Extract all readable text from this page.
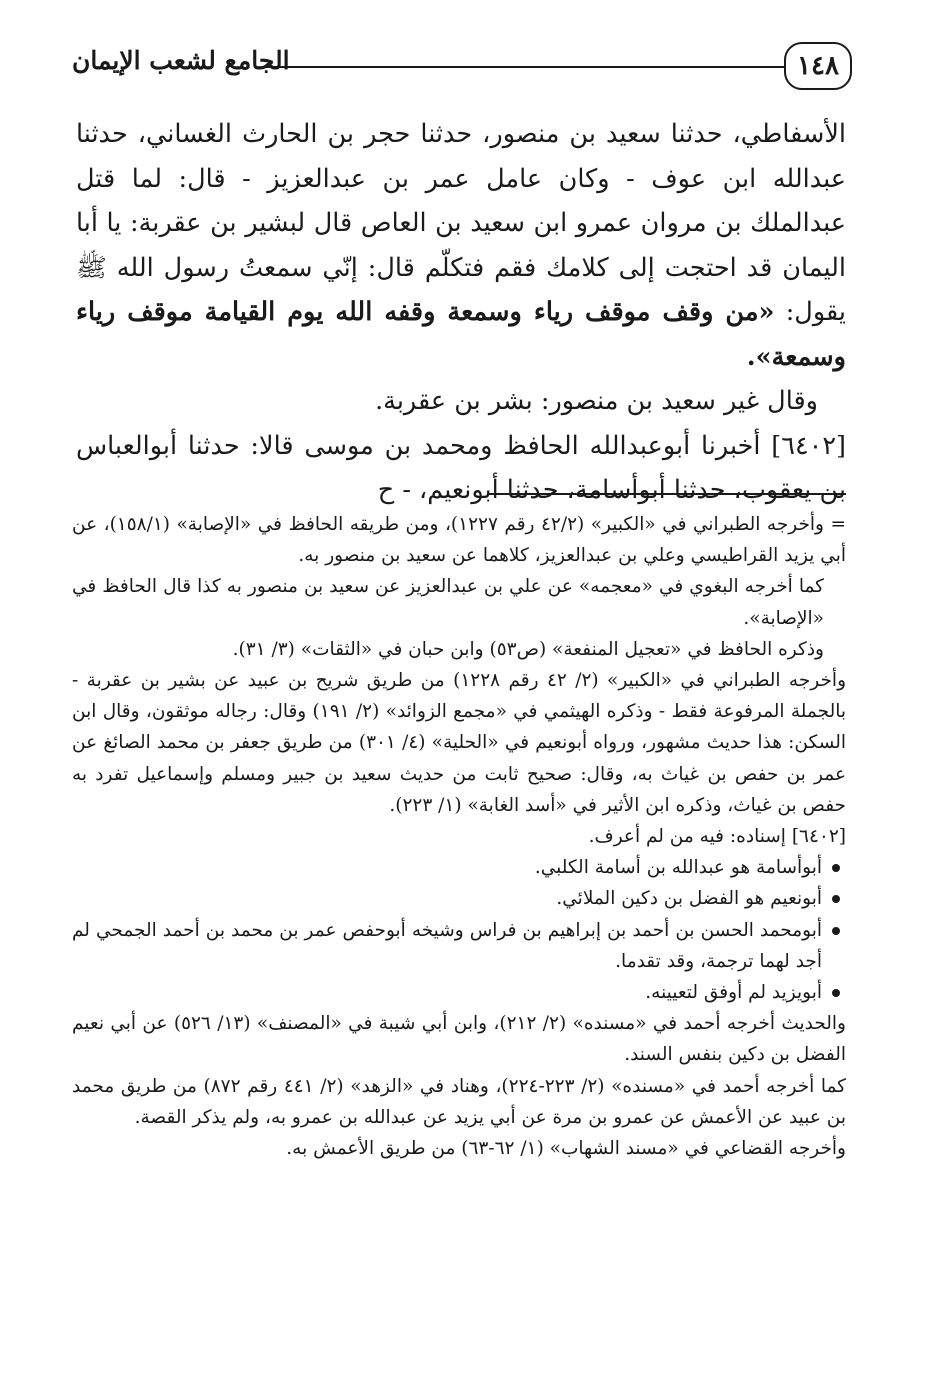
١٤٨
الجامع لشعب الإيمان

الأسفاطي، حدثنا سعيد بن منصور، حدثنا حجر بن الحارث الغساني، حدثنا عبدالله ابن عوف - وكان عامل عمر بن عبدالعزيز - قال: لما قتل عبدالملك بن مروان عمرو ابن سعيد بن العاص قال لبشير بن عقربة: يا أبا اليمان قد احتجت إلى كلامك فقم فتكلّم قال: إنّي سمعتُ رسول الله ﷺ يقول: «من وقف موقف رياء وسمعة وقفه الله يوم القيامة موقف رياء وسمعة».

وقال غير سعيد بن منصور: بشر بن عقربة.

[٦٤٠٢] أخبرنا أبوعبدالله الحافظ ومحمد بن موسى قالا: حدثنا أبوالعباس بن يعقوب، حدثنا أبوأسامة، حدثنا أبونعيم، - ح

= وأخرجه الطبراني في «الكبير» (٤٢/٢ رقم ١٢٢٧)، ومن طريقه الحافظ في «الإصابة» (١٥٨/١)، عن أبي يزيد القراطيسي وعلي بن عبدالعزيز، كلاهما عن سعيد بن منصور به.

كما أخرجه البغوي في «معجمه» عن علي بن عبدالعزيز عن سعيد بن منصور به كذا قال الحافظ في «الإصابة».

وذكره الحافظ في «تعجيل المنفعة» (ص٥٣) وابن حبان في «الثقات» (٣/ ٣١).

وأخرجه الطبراني في «الكبير» (٢/ ٤٢ رقم ١٢٢٨) من طريق شريح بن عبيد عن بشير بن عقربة - بالجملة المرفوعة فقط - وذكره الهيثمي في «مجمع الزوائد» (٢/ ١٩١) وقال: رجاله موثقون، وقال ابن السكن: هذا حديث مشهور، ورواه أبونعيم في «الحلية» (٤/ ٣٠١) من طريق جعفر بن محمد الصائغ عن عمر بن حفص بن غياث به، وقال: صحيح ثابت من حديث سعيد بن جبير ومسلم وإسماعيل تفرد به حفص بن غياث، وذكره ابن الأثير في «أسد الغابة» (١/ ٢٢٣).

[٦٤٠٢] إسناده: فيه من لم أعرف.

أبوأسامة هو عبدالله بن أسامة الكلبي.
أبونعيم هو الفضل بن دكين الملائي.
أبومحمد الحسن بن أحمد بن إبراهيم بن فراس وشيخه أبوحفص عمر بن محمد بن أحمد الجمحي لم أجد لهما ترجمة، وقد تقدما.
أبويزيد لم أوفق لتعيينه.

والحديث أخرجه أحمد في «مسنده» (٢/ ٢١٢)، وابن أبي شيبة في «المصنف» (١٣/ ٥٢٦) عن أبي نعيم الفضل بن دكين بنفس السند.

كما أخرجه أحمد في «مسنده» (٢/ ٢٢٣-٢٢٤)، وهناد في «الزهد» (٢/ ٤٤١ رقم ٨٧٢) من طريق محمد بن عبيد عن الأعمش عن عمرو بن مرة عن أبي يزيد عن عبدالله بن عمرو به، ولم يذكر القصة.

وأخرجه القضاعي في «مسند الشهاب» (١/ ٦٢-٦٣) من طريق الأعمش به.
